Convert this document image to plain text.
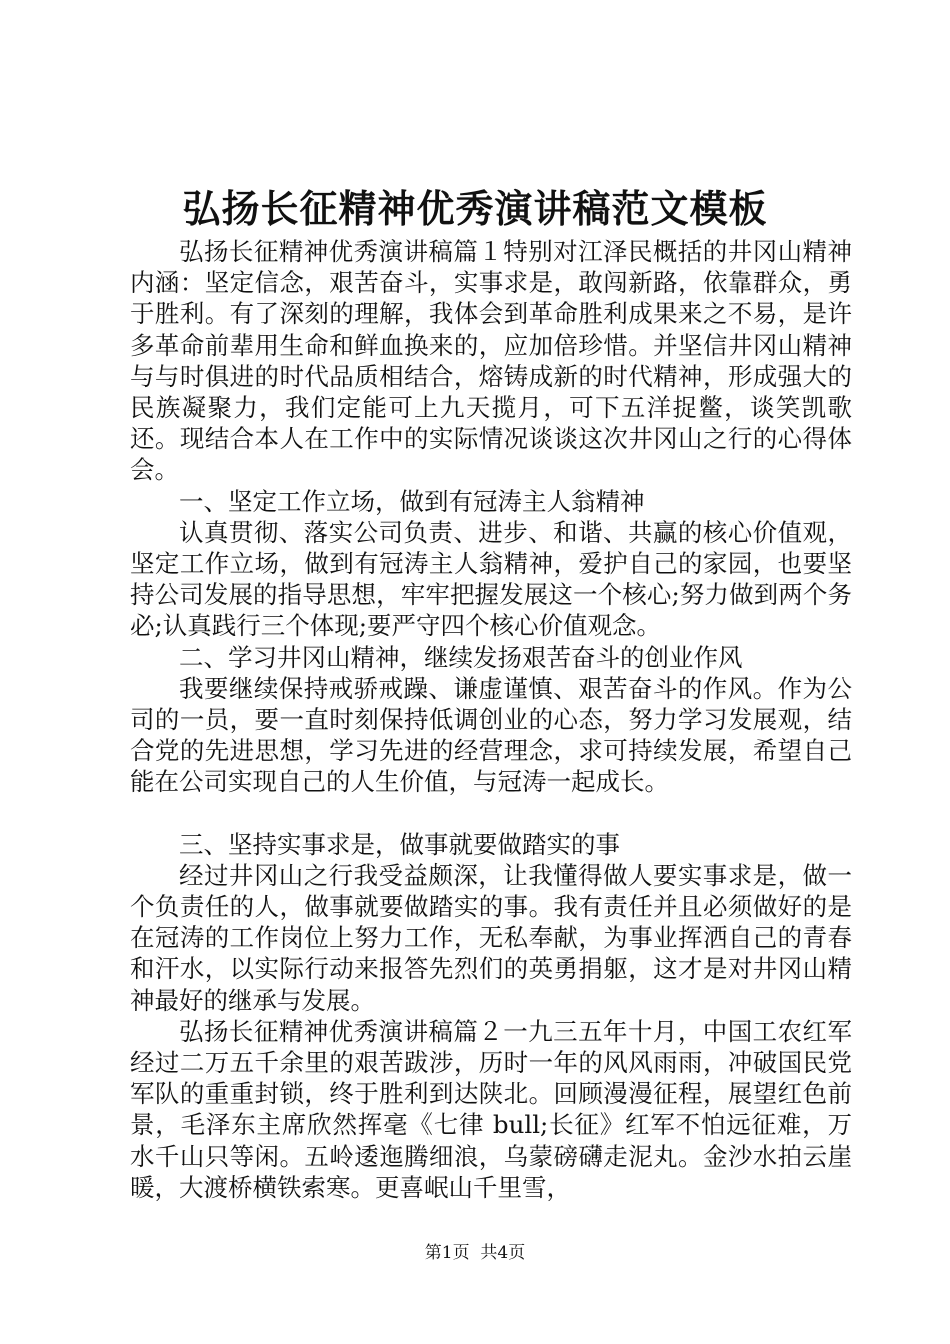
弘扬长征精神优秀演讲稿范文模板

弘扬长征精神优秀演讲稿篇１特别对江泽民概括的井冈山精神内涵：坚定信念，艰苦奋斗，实事求是，敢闯新路，依靠群众，勇于胜利。有了深刻的理解，我体会到革命胜利成果来之不易，是许多革命前辈用生命和鲜血换来的，应加倍珍惜。并坚信井冈山精神与与时俱进的时代品质相结合，熔铸成新的时代精神，形成强大的民族凝聚力，我们定能可上九天揽月，可下五洋捉鳖，谈笑凯歌还。现结合本人在工作中的实际情况谈谈这次井冈山之行的心得体会。

一、坚定工作立场，做到有冠涛主人翁精神

认真贯彻、落实公司负责、进步、和谐、共赢的核心价值观，坚定工作立场，做到有冠涛主人翁精神，爱护自己的家园，也要坚持公司发展的指导思想，牢牢把握发展这一个核心;努力做到两个务必;认真践行三个体现;要严守四个核心价值观念。

二、学习井冈山精神，继续发扬艰苦奋斗的创业作风

我要继续保持戒骄戒躁、谦虚谨慎、艰苦奋斗的作风。作为公司的一员，要一直时刻保持低调创业的心态，努力学习发展观，结合党的先进思想，学习先进的经营理念，求可持续发展，希望自己能在公司实现自己的人生价值，与冠涛一起成长。

三、坚持实事求是，做事就要做踏实的事

经过井冈山之行我受益颇深，让我懂得做人要实事求是，做一个负责任的人，做事就要做踏实的事。我有责任并且必须做好的是在冠涛的工作岗位上努力工作，无私奉献，为事业挥洒自己的青春和汗水，以实际行动来报答先烈们的英勇捐躯，这才是对井冈山精神最好的继承与发展。

弘扬长征精神优秀演讲稿篇２一九三五年十月，中国工农红军经过二万五千余里的艰苦跋涉，历时一年的风风雨雨，冲破国民党军队的重重封锁，终于胜利到达陕北。回顾漫漫征程，展望红色前景，毛泽东主席欣然挥毫《七律 bull;长征》红军不怕远征难，万水千山只等闲。五岭逶迤腾细浪，乌蒙磅礴走泥丸。金沙水拍云崖暖，大渡桥横铁索寒。更喜岷山千里雪，

第1页  共4页
